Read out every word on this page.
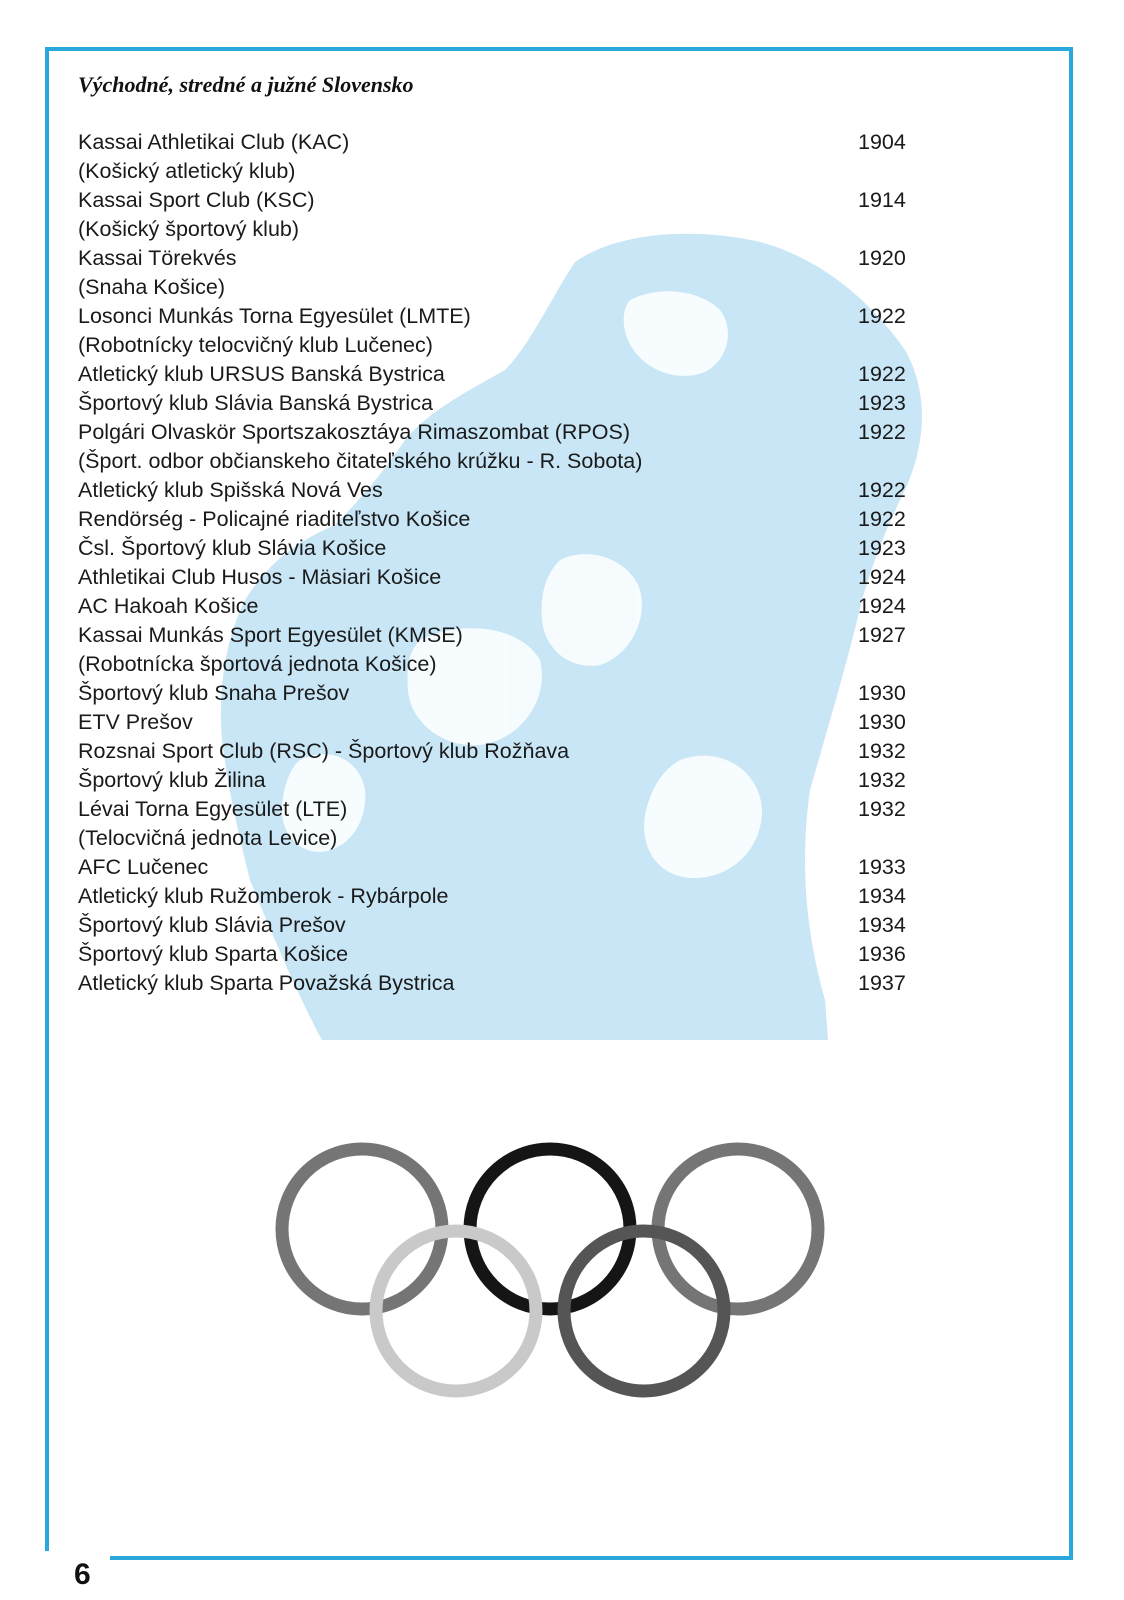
Východné, stredné a južné Slovensko
Kassai Athletikai Club (KAC)	1904
(Košický atletický klub)
Kassai Sport Club (KSC)	1914
(Košický športový klub)
Kassai Törekvés	1920
(Snaha Košice)
Losonci Munkás Torna Egyesület (LMTE)	1922
(Robotnícky telocvičný klub Lučenec)
Atletický klub URSUS Banská Bystrica	1922
Športový klub Slávia Banská Bystrica	1923
Polgári Olvaskör Sportszakosztáya Rimaszombat (RPOS)	1922
(Šport. odbor občianskeho čitateľského krúžku - R. Sobota)
Atletický klub Spišská Nová Ves	1922
Rendörség - Policajné riaditeľstvo Košice	1922
Čsl. Športový klub Slávia Košice	1923
Athletikai Club Husos - Mäsiari Košice	1924
AC Hakoah Košice	1924
Kassai Munkás Sport Egyesület (KMSE)	1927
(Robotnícka športová jednota Košice)
Športový klub Snaha Prešov	1930
ETV Prešov	1930
Rozsnai Sport Club (RSC) - Športový klub Rožňava	1932
Športový klub Žilina	1932
Lévai Torna Egyesület (LTE)	1932
(Telocvičná jednota Levice)
AFC Lučenec	1933
Atletický klub Ružomberok - Rybárpole	1934
Športový klub Slávia Prešov	1934
Športový klub Sparta Košice	1936
Atletický klub Sparta Považská Bystrica	1937
6
